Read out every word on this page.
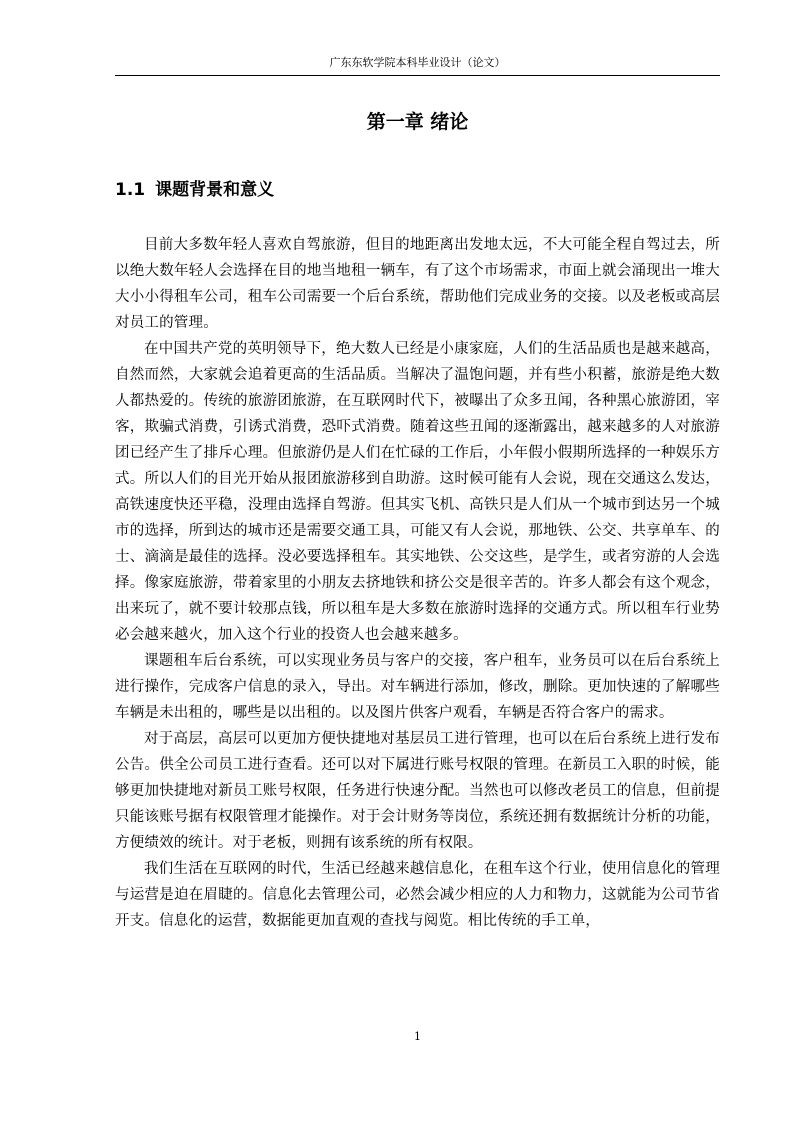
广东东软学院本科毕业设计（论文）
第一章 绪论
1.1 课题背景和意义

目前大多数年轻人喜欢自驾旅游，但目的地距离出发地太远，不大可能全程自驾过去，所以绝大数年轻人会选择在目的地当地租一辆车，有了这个市场需求，市面上就会涌现出一堆大大小小得租车公司，租车公司需要一个后台系统，帮助他们完成业务的交接。以及老板或高层对员工的管理。

在中国共产党的英明领导下，绝大数人已经是小康家庭，人们的生活品质也是越来越高，自然而然，大家就会追着更高的生活品质。当解决了温饱问题，并有些小积蓄，旅游是绝大数人都热爱的。传统的旅游团旅游，在互联网时代下，被曝出了众多丑闻，各种黑心旅游团，宰客，欺骗式消费，引诱式消费，恐吓式消费。随着这些丑闻的逐渐露出，越来越多的人对旅游团已经产生了排斥心理。但旅游仍是人们在忙碌的工作后，小年假小假期所选择的一种娱乐方式。所以人们的目光开始从报团旅游移到自助游。这时候可能有人会说，现在交通这么发达，高铁速度快还平稳，没理由选择自驾游。但其实飞机、高铁只是人们从一个城市到达另一个城市的选择，所到达的城市还是需要交通工具，可能又有人会说，那地铁、公交、共享单车、的士、滴滴是最佳的选择。没必要选择租车。其实地铁、公交这些，是学生，或者穷游的人会选择。像家庭旅游，带着家里的小朋友去挤地铁和挤公交是很辛苦的。许多人都会有这个观念，出来玩了，就不要计较那点钱，所以租车是大多数在旅游时选择的交通方式。所以租车行业势必会越来越火，加入这个行业的投资人也会越来越多。

课题租车后台系统，可以实现业务员与客户的交接，客户租车，业务员可以在后台系统上进行操作，完成客户信息的录入，导出。对车辆进行添加，修改，删除。更加快速的了解哪些车辆是未出租的，哪些是以出租的。以及图片供客户观看，车辆是否符合客户的需求。

对于高层，高层可以更加方便快捷地对基层员工进行管理，也可以在后台系统上进行发布公告。供全公司员工进行查看。还可以对下属进行账号权限的管理。在新员工入职的时候，能够更加快捷地对新员工账号权限，任务进行快速分配。当然也可以修改老员工的信息，但前提只能该账号据有权限管理才能操作。对于会计财务等岗位，系统还拥有数据统计分析的功能，方便绩效的统计。对于老板，则拥有该系统的所有权限。

我们生活在互联网的时代，生活已经越来越信息化，在租车这个行业，使用信息化的管理与运营是迫在眉睫的。信息化去管理公司，必然会减少相应的人力和物力，这就能为公司节省开支。信息化的运营，数据能更加直观的查找与阅览。相比传统的手工单，

1
